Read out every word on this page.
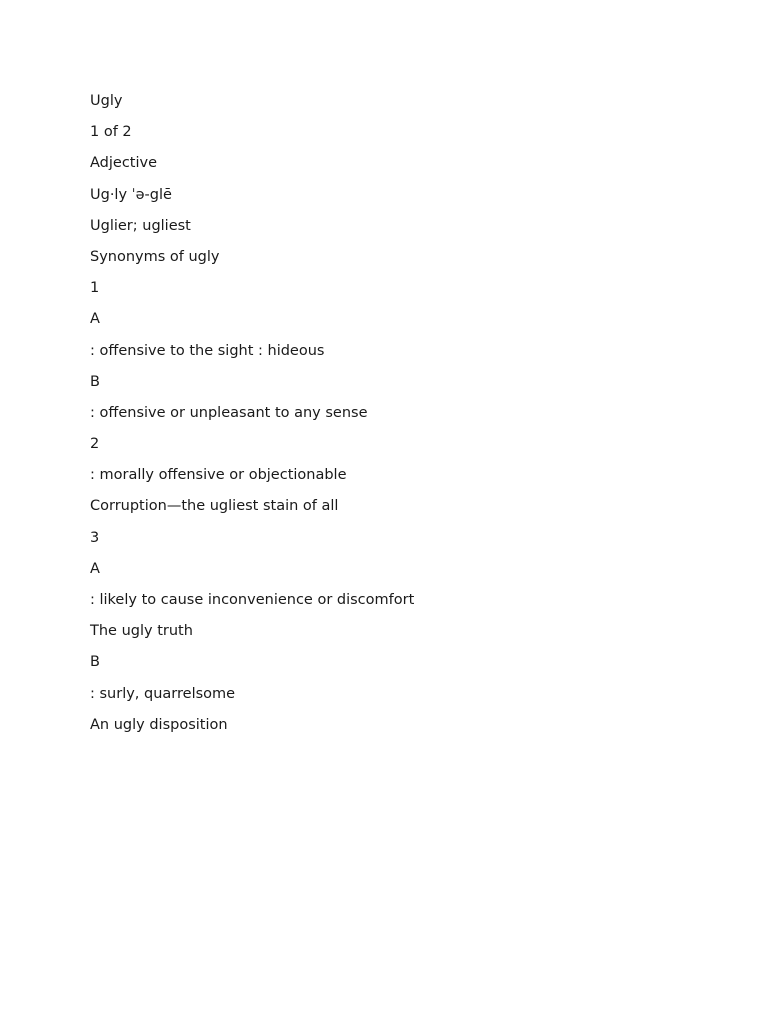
Ugly
1 of 2
Adjective
Ug·ly ˈə-glē
Uglier; ugliest
Synonyms of ugly
1
A
: offensive to the sight : hideous
B
: offensive or unpleasant to any sense
2
: morally offensive or objectionable
Corruption—the ugliest stain of all
3
A
: likely to cause inconvenience or discomfort
The ugly truth
B
: surly, quarrelsome
An ugly disposition
